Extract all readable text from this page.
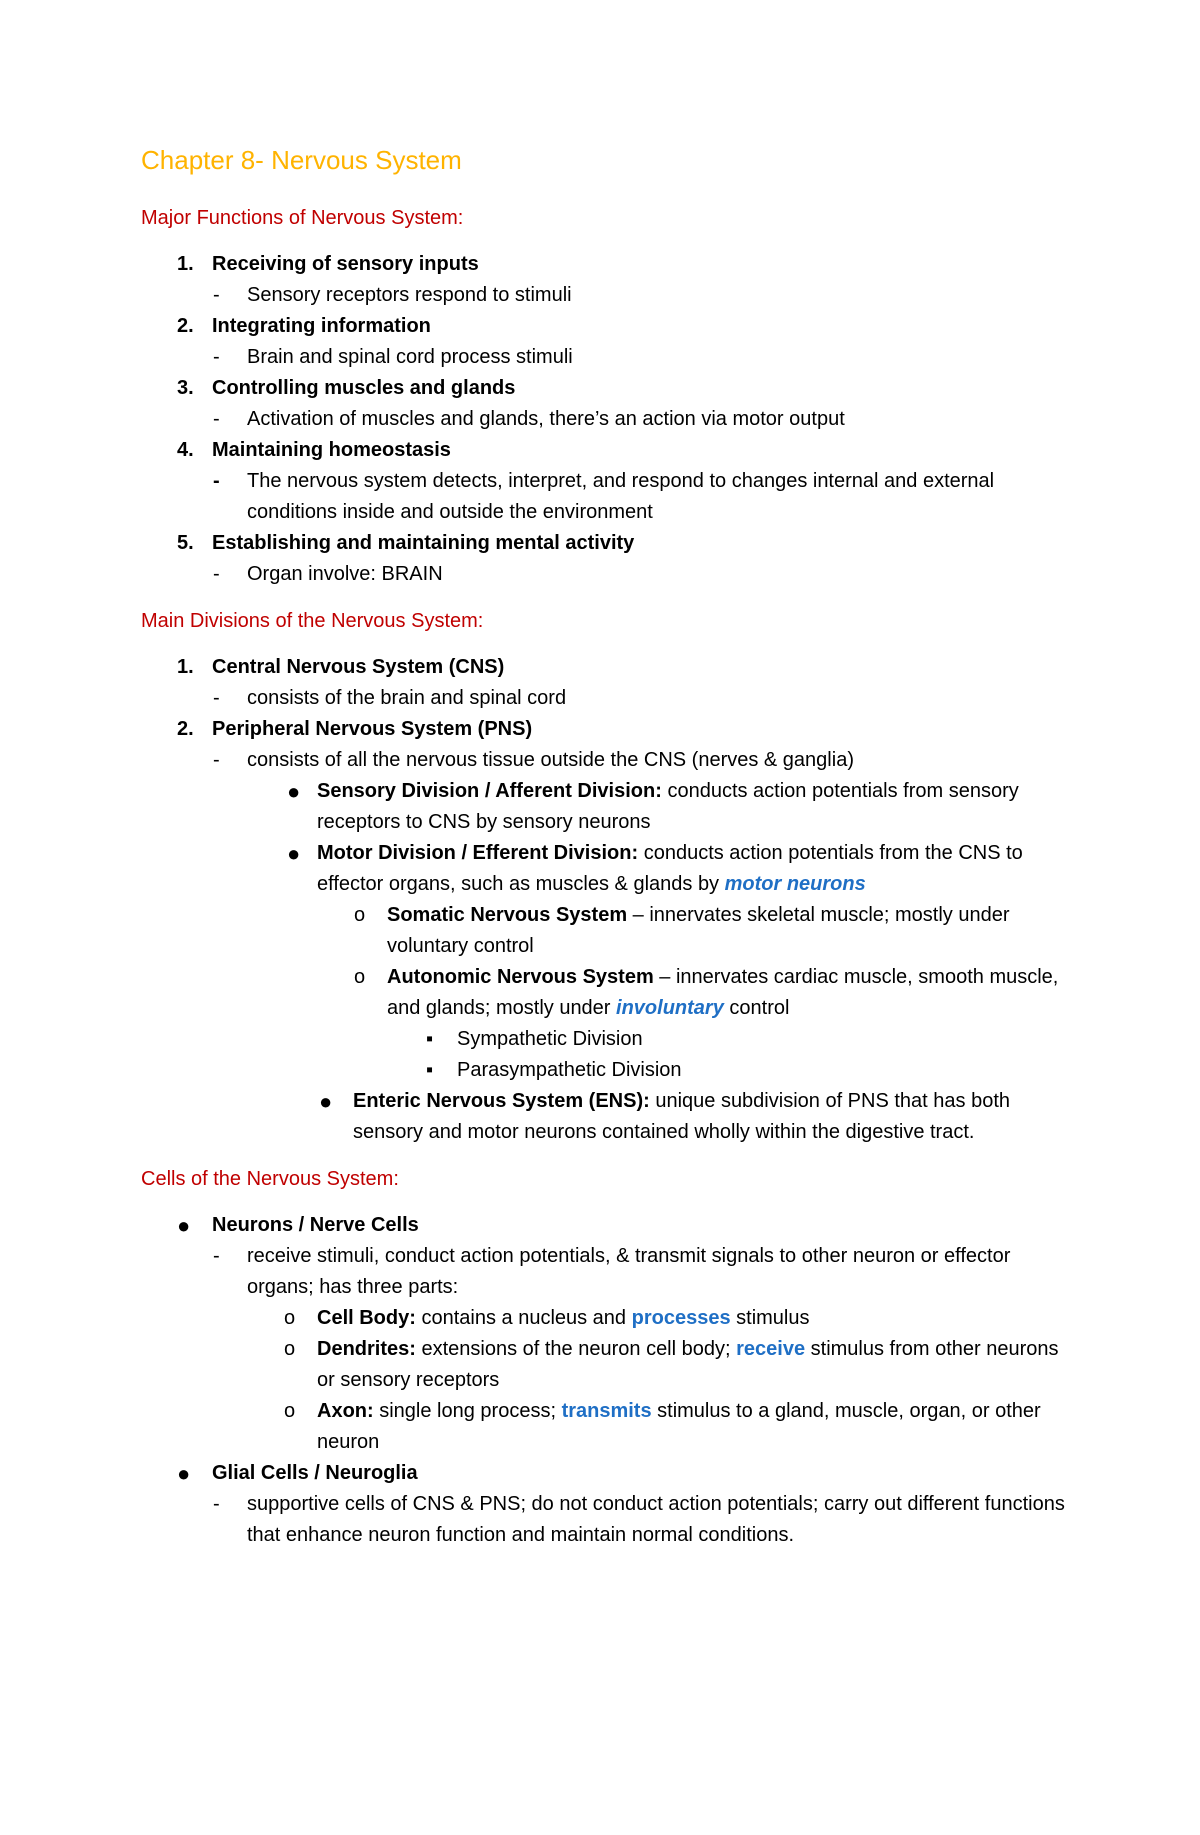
Chapter 8- Nervous System
Major Functions of Nervous System:
1. Receiving of sensory inputs
- Sensory receptors respond to stimuli
2. Integrating information
- Brain and spinal cord process stimuli
3. Controlling muscles and glands
- Activation of muscles and glands, there’s an action via motor output
4. Maintaining homeostasis
- The nervous system detects, interpret, and respond to changes internal and external conditions inside and outside the environment
5. Establishing and maintaining mental activity
- Organ involve: BRAIN
Main Divisions of the Nervous System:
1. Central Nervous System (CNS)
- consists of the brain and spinal cord
2. Peripheral Nervous System (PNS)
- consists of all the nervous tissue outside the CNS (nerves & ganglia)
● Sensory Division / Afferent Division: conducts action potentials from sensory receptors to CNS by sensory neurons
● Motor Division / Efferent Division: conducts action potentials from the CNS to effector organs, such as muscles & glands by motor neurons
o Somatic Nervous System – innervates skeletal muscle; mostly under voluntary control
o Autonomic Nervous System – innervates cardiac muscle, smooth muscle, and glands; mostly under involuntary control
▪ Sympathetic Division
▪ Parasympathetic Division
● Enteric Nervous System (ENS): unique subdivision of PNS that has both sensory and motor neurons contained wholly within the digestive tract.
Cells of the Nervous System:
● Neurons / Nerve Cells
- receive stimuli, conduct action potentials, & transmit signals to other neuron or effector organs; has three parts:
o Cell Body: contains a nucleus and processes stimulus
o Dendrites: extensions of the neuron cell body; receive stimulus from other neurons or sensory receptors
o Axon: single long process; transmits stimulus to a gland, muscle, organ, or other neuron
● Glial Cells / Neuroglia
- supportive cells of CNS & PNS; do not conduct action potentials; carry out different functions that enhance neuron function and maintain normal conditions.
